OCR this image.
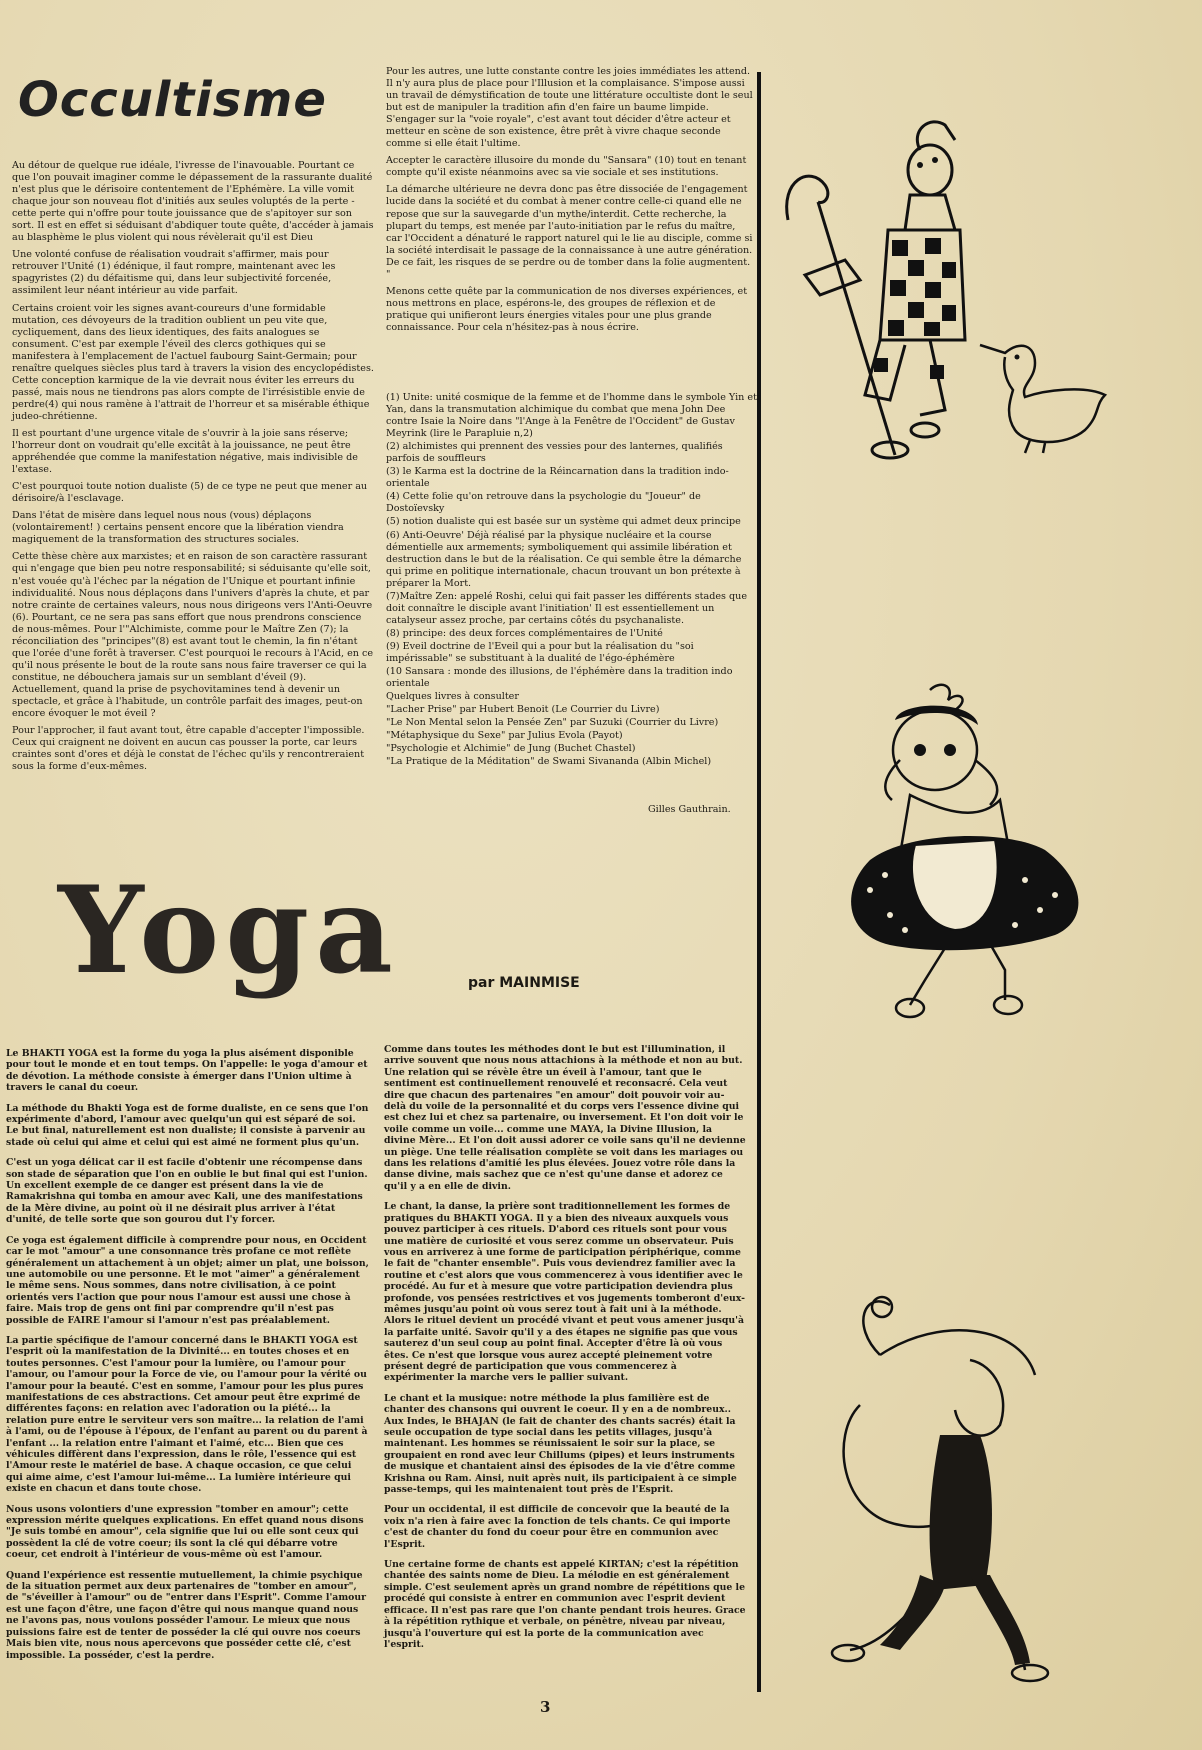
Occultisme

Au détour de quelque rue idéale, l'ivresse de l'inavouable. Pourtant ce que l'on pouvait imaginer comme le dépassement de la rassurante dualité n'est plus que le dérisoire contentement de l'Ephémère. La ville vomit chaque jour son nouveau flot d'initiés aux seules voluptés de la perte - cette perte qui n'offre pour toute jouissance que de s'apitoyer sur son sort. Il est en effet si séduisant d'abdiquer toute quête, d'accéder à jamais au blasphème le plus violent qui nous révèlerait qu'il est Dieu

Une volonté confuse de réalisation voudrait s'affirmer, mais pour retrouver l'Unité (1) édénique, il faut rompre, maintenant avec les spagyristes (2) du défaitisme qui, dans leur subjectivité forcenée, assimilent leur néant intérieur au vide parfait.

Certains croient voir les signes avant-coureurs d'une formidable mutation, ces dévoyeurs de la tradition oublient un peu vite que, cycliquement, dans des lieux identiques, des faits analogues se consument. C'est par exemple l'éveil des clercs gothiques qui se manifestera à l'emplacement de l'actuel faubourg Saint-Germain; pour renaître quelques siècles plus tard à travers la vision des encyclopédistes. Cette conception karmique de la vie devrait nous éviter les erreurs du passé, mais nous ne tiendrons pas alors compte de l'irrésistible envie de perdre(4) qui nous ramène à l'attrait de l'horreur et sa misérable éthique judeo-chrétienne.

Il est pourtant d'une urgence vitale de s'ouvrir à la joie sans réserve; l'horreur dont on voudrait qu'elle excitât à la jouissance, ne peut être appréhendée que comme la manifestation négative, mais indivisible de l'extase.

C'est pourquoi toute notion dualiste (5) de ce type ne peut que mener au dérisoire/à l'esclavage.

Dans l'état de misère dans lequel nous nous (vous) déplaçons (volontairement! ) certains pensent encore que la libération viendra magiquement de la transformation des structures sociales.

Cette thèse chère aux marxistes; et en raison de son caractère rassurant qui n'engage que bien peu notre responsabilité; si séduisante qu'elle soit, n'est vouée qu'à l'échec par la négation de l'Unique et pourtant infinie individualité. Nous nous déplaçons dans l'univers d'après la chute, et par notre crainte de certaines valeurs, nous nous dirigeons vers l'Anti-Oeuvre (6). Pourtant, ce ne sera pas sans effort que nous prendrons conscience de nous-mêmes. Pour l'"Alchimiste, comme pour le Maître Zen (7); la réconciliation des "principes"(8) est avant tout le chemin, la fin n'étant que l'orée d'une forêt à traverser. C'est pourquoi le recours à l'Acid, en ce qu'il nous présente le bout de la route sans nous faire traverser ce qui la constitue, ne débouchera jamais sur un semblant d'éveil (9). Actuellement, quand la prise de psychovitamines tend à devenir un spectacle, et grâce à l'habitude, un contrôle parfait des images, peut-on encore évoquer le mot éveil ?

Pour l'approcher, il faut avant tout, être capable d'accepter l'impossible. Ceux qui craignent ne doivent en aucun cas pousser la porte, car leurs craintes sont d'ores et déjà le constat de l'échec qu'ils y rencontreraient sous la forme d'eux-mêmes.

Pour les autres, une lutte constante contre les joies immédiates les attend. Il n'y aura plus de place pour l'Illusion et la complaisance. S'impose aussi un travail de démystification de toute une littérature occultiste dont le seul but est de manipuler la tradition afin d'en faire un baume limpide. S'engager sur la "voie royale", c'est avant tout décider d'être acteur et metteur en scène de son existence, être prêt à vivre chaque seconde comme si elle était l'ultime.

Accepter le caractère illusoire du monde du "Sansara" (10) tout en tenant compte qu'il existe néanmoins avec sa vie sociale et ses institutions.

La démarche ultérieure ne devra donc pas être dissociée de l'engagement lucide dans la société et du combat à mener contre celle-ci quand elle ne repose que sur la sauvegarde d'un mythe/interdit. Cette recherche, la plupart du temps, est menée par l'auto-initiation par le refus du maître, car l'Occident a dénaturé le rapport naturel qui le lie au disciple, comme si la société interdisait le passage de la connaissance à une autre génération. De ce fait, les risques de se perdre ou de tomber dans la folie augmentent. "

Menons cette quête par la communication de nos diverses expériences, et nous mettrons en place, espérons-le, des groupes de réflexion et de pratique qui unifieront leurs énergies vitales pour une plus grande connaissance. Pour cela n'hésitez-pas à nous écrire.

(1) Unite: unité cosmique de la femme et de l'homme dans le symbole Yin et Yan, dans la transmutation alchimique du combat que mena John Dee contre Isaie la Noire dans "l'Ange à la Fenêtre de l'Occident" de Gustav Meyrink (lire le Parapluie n,2)

(2) alchimistes qui prennent des vessies pour des lanternes, qualifiés parfois de souffleurs

(3) le Karma est la doctrine de la Réincarnation dans la tradition indo-orientale

(4) Cette folie qu'on retrouve dans la psychologie du "Joueur" de Dostoïevsky

(5) notion dualiste qui est basée sur un système qui admet deux principe

(6) Anti-Oeuvre' Déjà réalisé par la physique nucléaire et la course démentielle aux armements; symboliquement qui assimile libération et destruction dans le but de la réalisation. Ce qui semble être la démarche qui prime en politique internationale, chacun trouvant un bon prétexte à préparer la Mort.

(7)Maître Zen: appelé Roshi, celui qui fait passer les différents stades que doit connaître le disciple avant l'initiation' Il est essentiellement un catalyseur assez proche, par certains côtés du psychanaliste.

(8) principe: des deux forces complémentaires de l'Unité

(9) Eveil doctrine de l'Eveil qui a pour but la réalisation du "soi impérissable" se substituant à la dualité de l'égo-éphémère

(10 Sansara : monde des illusions, de l'éphémère dans la tradition indo orientale

Quelques livres à consulter

"Lacher Prise" par Hubert Benoit (Le Courrier du Livre)

"Le Non Mental selon la Pensée Zen" par Suzuki (Courrier du Livre)

"Métaphysique du Sexe" par Julius Evola (Payot)

"Psychologie et Alchimie" de Jung (Buchet Chastel)

"La Pratique de la Méditation" de Swami Sivananda (Albin Michel)

Gilles Gauthrain.
Yoga	par MAINMISE

Le BHAKTI YOGA est la forme du yoga la plus aisément disponible pour tout le monde et en tout temps. On l'appelle: le yoga d'amour et de dévotion. La méthode consiste à émerger dans l'Union ultime à travers le canal du coeur.

La méthode du Bhakti Yoga est de forme dualiste, en ce sens que l'on expérimente d'abord, l'amour avec quelqu'un qui est séparé de soi. Le but final, naturellement est non dualiste; il consiste à parvenir au stade où celui qui aime et celui qui est aimé ne forment plus qu'un.

C'est un yoga délicat car il est facile d'obtenir une récompense dans son stade de séparation que l'on en oublie le but final qui est l'union. Un excellent exemple de ce danger est présent dans la vie de Ramakrishna qui tomba en amour avec Kali, une des manifestations de la Mère divine, au point où il ne désirait plus arriver à l'état d'unité, de telle sorte que son gourou dut l'y forcer.

Ce yoga est également difficile à comprendre pour nous, en Occident car le mot "amour" a une consonnance très profane ce mot reflète généralement un attachement à un objet; aimer un plat, une boisson, une automobile ou une personne. Et le mot "aimer" a généralement le même sens. Nous sommes, dans notre civilisation, à ce point orientés vers l'action que pour nous l'amour est aussi une chose à faire. Mais trop de gens ont fini par comprendre qu'il n'est pas possible de FAIRE l'amour si l'amour n'est pas préalablement.

La partie spécifique de l'amour concerné dans le BHAKTI YOGA est l'esprit où la manifestation de la Divinité... en toutes choses et en toutes personnes. C'est l'amour pour la lumière, ou l'amour pour l'amour, ou l'amour pour la Force de vie, ou l'amour pour la vérité ou l'amour pour la beauté. C'est en somme, l'amour pour les plus pures manifestations de ces abstractions. Cet amour peut être exprimé de différentes façons: en relation avec l'adoration ou la piété... la relation pure entre le serviteur vers son maître... la relation de l'ami à l'ami, ou de l'épouse à l'époux, de l'enfant au parent ou du parent à l'enfant ... la relation entre l'aimant et l'aimé, etc... Bien que ces véhicules diffèrent dans l'expression, dans le rôle, l'essence qui est l'Amour reste le matériel de base. A chaque occasion, ce que celui qui aime aime, c'est l'amour lui-même... La lumière intérieure qui existe en chacun et dans toute chose.

Nous usons volontiers d'une expression "tomber en amour"; cette expression mérite quelques explications. En effet quand nous disons "Je suis tombé en amour", cela signifie que lui ou elle sont ceux qui possèdent la clé de votre coeur; ils sont la clé qui débarre votre coeur, cet endroit à l'intérieur de vous-même où est l'amour.

Quand l'expérience est ressentie mutuellement, la chimie psychique de la situation permet aux deux partenaires de "tomber en amour", de "s'éveiller à l'amour" ou de "entrer dans l'Esprit". Comme l'amour est une façon d'être, une façon d'être qui nous manque quand nous ne l'avons pas, nous voulons posséder l'amour. Le mieux que nous puissions faire est de tenter de posséder la clé qui ouvre nos coeurs Mais bien vite, nous nous apercevons que posséder cette clé, c'est impossible. La posséder, c'est la perdre.

Comme dans toutes les méthodes dont le but est l'illumination, il arrive souvent que nous nous attachions à la méthode et non au but. Une relation qui se révèle être un éveil à l'amour, tant que le sentiment est continuellement renouvelé et reconsacré. Cela veut dire que chacun des partenaires "en amour" doit pouvoir voir au-delà du voile de la personnalité et du corps vers l'essence divine qui est chez lui et chez sa partenaire, ou inversement. Et l'on doit voir le voile comme un voile... comme une MAYA, la Divine Illusion, la divine Mère... Et l'on doit aussi adorer ce voile sans qu'il ne devienne un piège. Une telle réalisation complète se voit dans les mariages ou dans les relations d'amitié les plus élevées. Jouez votre rôle dans la danse divine, mais sachez que ce n'est qu'une danse et adorez ce qu'il y a en elle de divin.

Le chant, la danse, la prière sont traditionnellement les formes de pratiques du BHAKTI YOGA. Il y a bien des niveaux auxquels vous pouvez participer à ces rituels. D'abord ces rituels sont pour vous une matière de curiosité et vous serez comme un observateur. Puis vous en arriverez à une forme de participation périphérique, comme le fait de "chanter ensemble". Puis vous deviendrez familier avec la routine et c'est alors que vous commencerez à vous identifier avec le procédé. Au fur et à mesure que votre participation deviendra plus profonde, vos pensées restrictives et vos jugements tomberont d'eux-mêmes jusqu'au point où vous serez tout à fait uni à la méthode. Alors le rituel devient un procédé vivant et peut vous amener jusqu'à la parfaite unité. Savoir qu'il y a des étapes ne signifie pas que vous sauterez d'un seul coup au point final. Accepter d'être là où vous êtes. Ce n'est que lorsque vous aurez accepté pleinement votre présent degré de participation que vous commencerez à expérimenter la marche vers le pallier suivant.

Le chant et la musique: notre méthode la plus familière est de chanter des chansons qui ouvrent le coeur. Il y en a de nombreux.. Aux Indes, le BHAJAN (le fait de chanter des chants sacrés) était la seule occupation de type social dans les petits villages, jusqu'à maintenant. Les hommes se réunissaient le soir sur la place, se groupaient en rond avec leur Chillums (pipes) et leurs instruments de musique et chantaient ainsi des épisodes de la vie d'être comme Krishna ou Ram. Ainsi, nuit après nuit, ils participaient à ce simple passe-temps, qui les maintenaient tout près de l'Esprit.

Pour un occidental, il est difficile de concevoir que la beauté de la voix n'a rien à faire avec la fonction de tels chants. Ce qui importe c'est de chanter du fond du coeur pour être en communion avec l'Esprit.

Une certaine forme de chants est appelé KIRTAN; c'est la répétition chantée des saints nome de Dieu. La mélodie en est généralement simple. C'est seulement après un grand nombre de répétitions que le procédé qui consiste à entrer en communion avec l'esprit devient efficace. Il n'est pas rare que l'on chante pendant trois heures. Grace à la répétition rythique et verbale, on pénètre, niveau par niveau, jusqu'à l'ouverture qui est la porte de la communication avec l'esprit.

3
